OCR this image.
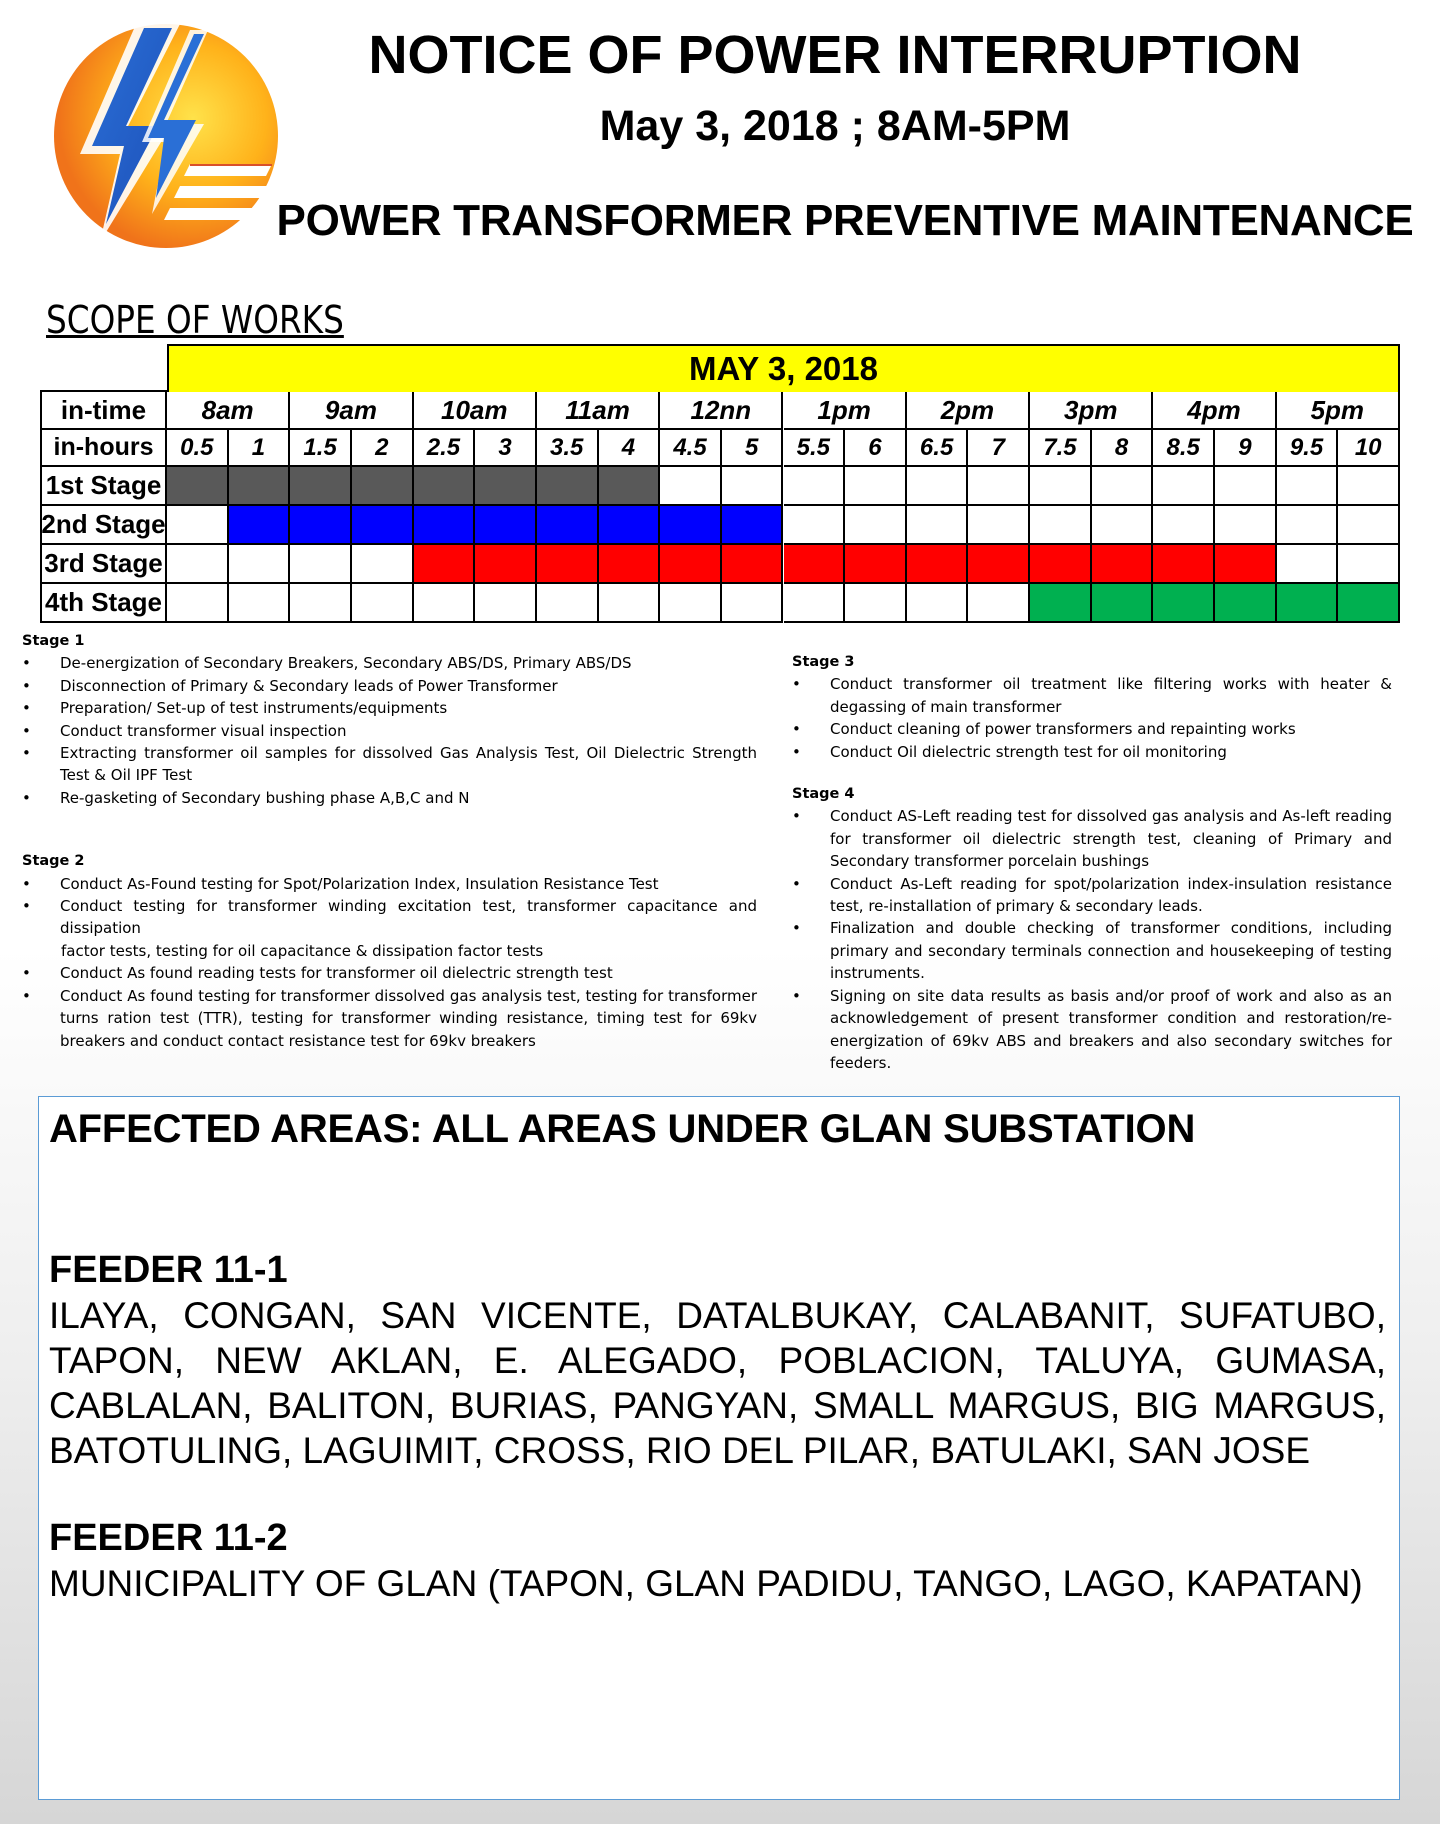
NOTICE OF POWER INTERRUPTION
May 3, 2018 ; 8AM-5PM
POWER TRANSFORMER PREVENTIVE MAINTENANCE
SCOPE OF WORKS
MAY 3, 2018
in-time	8am	9am	10am	11am	12nn	1pm	2pm	3pm	4pm	5pm
in-hours	0.5	1	1.5	2	2.5	3	3.5	4	4.5	5	5.5	6	6.5	7	7.5	8	8.5	9	9.5	10
1st Stage
2nd Stage
3rd Stage
4th Stage
Stage 1
• De-energization of Secondary Breakers, Secondary ABS/DS, Primary ABS/DS
• Disconnection of Primary & Secondary leads of Power Transformer
• Preparation/ Set-up of test instruments/equipments
• Conduct transformer visual inspection
• Extracting transformer oil samples for dissolved Gas Analysis Test, Oil Dielectric Strength Test & Oil IPF Test
• Re-gasketing of Secondary bushing phase A,B,C and N
Stage 2
• Conduct As-Found testing for Spot/Polarization Index, Insulation Resistance Test
• Conduct testing for transformer winding excitation test, transformer capacitance and dissipation
factor tests, testing for oil capacitance & dissipation factor tests
• Conduct As found reading tests for transformer oil dielectric strength test
• Conduct As found testing for transformer dissolved gas analysis test, testing for transformer turns ration test (TTR), testing for transformer winding resistance, timing test for 69kv breakers and conduct contact resistance test for 69kv breakers
Stage 3
• Conduct transformer oil treatment like filtering works with heater & degassing of main transformer
• Conduct cleaning of power transformers and repainting works
• Conduct Oil dielectric strength test for oil monitoring
Stage 4
• Conduct AS-Left reading test for dissolved gas analysis and As-left reading for transformer oil dielectric strength test, cleaning of Primary and Secondary transformer porcelain bushings
• Conduct As-Left reading for spot/polarization index-insulation resistance test, re-installation of primary & secondary leads.
• Finalization and double checking of transformer conditions, including primary and secondary terminals connection and housekeeping of testing instruments.
• Signing on site data results as basis and/or proof of work and also as an acknowledgement of present transformer condition and restoration/re-energization of 69kv ABS and breakers and also secondary switches for feeders.
AFFECTED AREAS: ALL AREAS UNDER GLAN SUBSTATION
FEEDER 11-1
ILAYA, CONGAN, SAN VICENTE, DATALBUKAY, CALABANIT, SUFATUBO, TAPON, NEW AKLAN, E. ALEGADO, POBLACION, TALUYA, GUMASA, CABLALAN, BALITON, BURIAS, PANGYAN, SMALL MARGUS, BIG MARGUS, BATOTULING, LAGUIMIT, CROSS, RIO DEL PILAR, BATULAKI, SAN JOSE
FEEDER 11-2
MUNICIPALITY OF GLAN (TAPON, GLAN PADIDU, TANGO, LAGO, KAPATAN)
